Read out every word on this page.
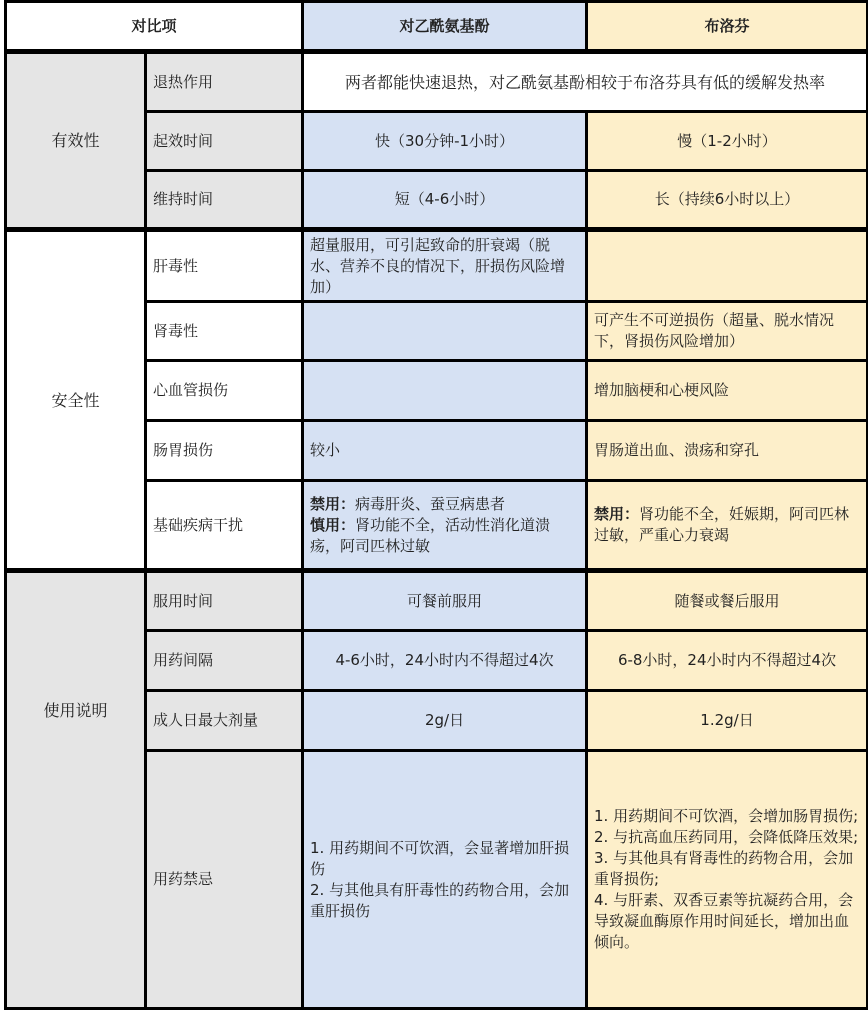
对比项		对乙酰氨基酚	布洛芬
有效性	退热作用	两者都能快速退热，对乙酰氨基酚相较于布洛芬具有低的缓解发热率	
	起效时间	快（30分钟-1小时）	慢（1-2小时）
	维持时间	短（4-6小时）	长（持续6小时以上）
安全性	肝毒性	超量服用，可引起致命的肝衰竭（脱水、营养不良的情况下，肝损伤风险增加）	
	肾毒性		可产生不可逆损伤（超量、脱水情况下，肾损伤风险增加）
	心血管损伤		增加脑梗和心梗风险
	肠胃损伤	较小	胃肠道出血、溃疡和穿孔
	基础疾病干扰	禁用：病毒肝炎、蚕豆病患者
慎用：肾功能不全，活动性消化道溃疡，阿司匹林过敏	禁用：肾功能不全，妊娠期，阿司匹林过敏，严重心力衰竭

使用说明	服用时间	可餐前服用	随餐或餐后服用
	用药间隔	4-6小时，24小时内不得超过4次	6-8小时，24小时内不得超过4次
	成人日最大剂量	2g/日	1.2g/日
	用药禁忌	1. 用药期间不可饮酒，会显著增加肝损伤
2. 与其他具有肝毒性的药物合用，会加重肝损伤	1. 用药期间不可饮酒，会增加肠胃损伤;
2. 与抗高血压药同用，会降低降压效果;
3. 与其他具有肾毒性的药物合用，会加重肾损伤;
4. 与肝素、双香豆素等抗凝药合用，会导致凝血酶原作用时间延长，增加出血倾向。
